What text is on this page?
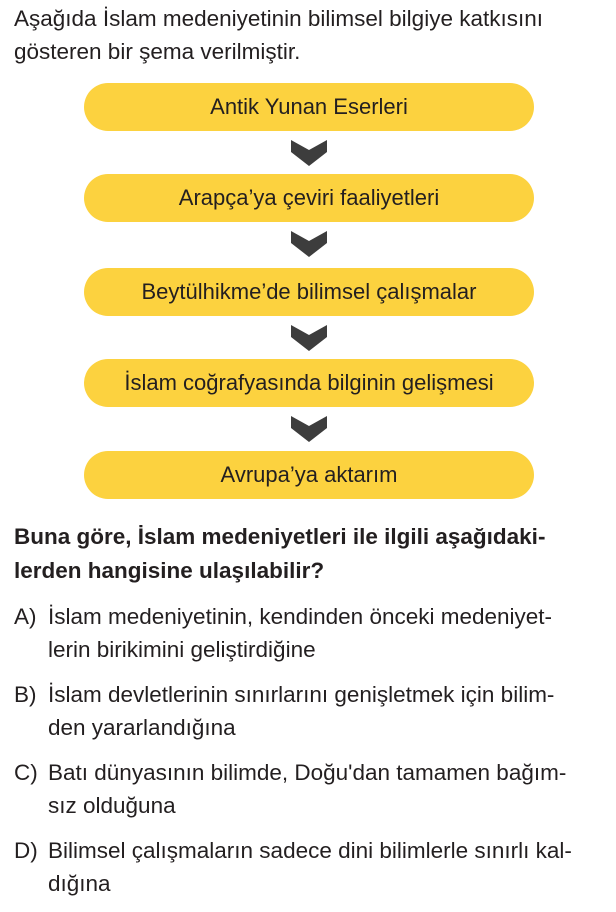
Aşağıda İslam medeniyetinin bilimsel bilgiye katkısını
gösteren bir şema verilmiştir.

Antik Yunan Eserleri
Arapça’ya çeviri faaliyetleri
Beytülhikme’de bilimsel çalışmalar
İslam coğrafyasında bilginin gelişmesi
Avrupa’ya aktarım

Buna göre, İslam medeniyetleri ile ilgili aşağıdaki-
lerden hangisine ulaşılabilir?

A) İslam medeniyetinin, kendinden önceki medeniyet-
lerin birikimini geliştirdiğine
B) İslam devletlerinin sınırlarını genişletmek için bilim-
den yararlandığına
C) Batı dünyasının bilimde, Doğu'dan tamamen bağım-
sız olduğuna
D) Bilimsel çalışmaların sadece dini bilimlerle sınırlı kal-
dığına
